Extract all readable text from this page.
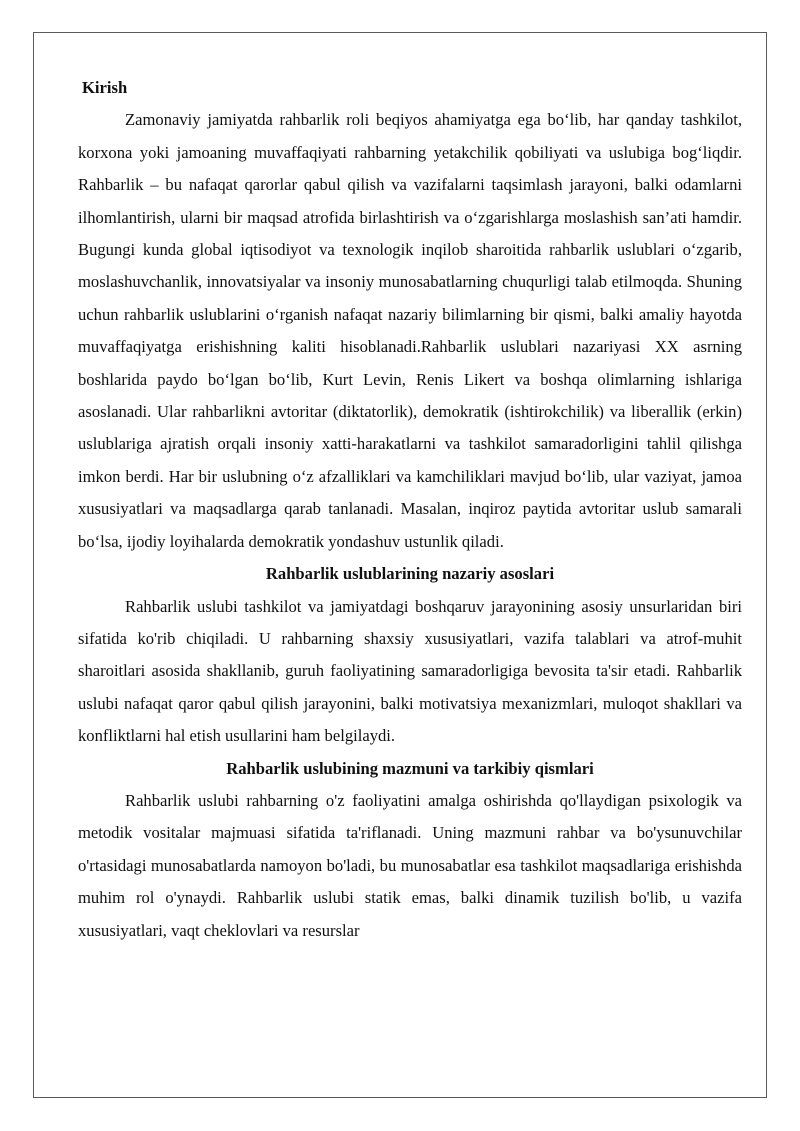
Kirish

Zamonaviy jamiyatda rahbarlik roli beqiyos ahamiyatga ega bo‘lib, har qanday tashkilot, korxona yoki jamoaning muvaffaqiyati rahbarning yetakchilik qobiliyati va uslubiga bog‘liqdir. Rahbarlik – bu nafaqat qarorlar qabul qilish va vazifalarni taqsimlash jarayoni, balki odamlarni ilhomlantirish, ularni bir maqsad atrofida birlashtirish va o‘zgarishlarga moslashish san’ati hamdir. Bugungi kunda global iqtisodiyot va texnologik inqilob sharoitida rahbarlik uslublari o‘zgarib, moslashuvchanlik, innovatsiyalar va insoniy munosabatlarning chuqurligi talab etilmoqda. Shuning uchun rahbarlik uslublarini o‘rganish nafaqat nazariy bilimlarning bir qismi, balki amaliy hayotda muvaffaqiyatga erishishning kaliti hisoblanadi.Rahbarlik uslublari nazariyasi XX asrning boshlarida paydo bo‘lgan bo‘lib, Kurt Levin, Renis Likert va boshqa olimlarning ishlariga asoslanadi. Ular rahbarlikni avtoritar (diktatorlik), demokratik (ishtirokchilik) va liberallik (erkin) uslublariga ajratish orqali insoniy xatti-harakatlarni va tashkilot samaradorligini tahlil qilishga imkon berdi. Har bir uslubning o‘z afzalliklari va kamchiliklari mavjud bo‘lib, ular vaziyat, jamoa xususiyatlari va maqsadlarga qarab tanlanadi. Masalan, inqiroz paytida avtoritar uslub samarali bo‘lsa, ijodiy loyihalarda demokratik yondashuv ustunlik qiladi.

Rahbarlik uslublarining nazariy asoslari

Rahbarlik uslubi tashkilot va jamiyatdagi boshqaruv jarayonining asosiy unsurlaridan biri sifatida ko'rib chiqiladi. U rahbarning shaxsiy xususiyatlari, vazifa talablari va atrof-muhit sharoitlari asosida shakllanib, guruh faoliyatining samaradorligiga bevosita ta'sir etadi. Rahbarlik uslubi nafaqat qaror qabul qilish jarayonini, balki motivatsiya mexanizmlari, muloqot shakllari va konfliktlarni hal etish usullarini ham belgilaydi.

Rahbarlik uslubining mazmuni va tarkibiy qismlari

Rahbarlik uslubi rahbarning o'z faoliyatini amalga oshirishda qo'llaydigan psixologik va metodik vositalar majmuasi sifatida ta'riflanadi. Uning mazmuni rahbar va bo'ysunuvchilar o'rtasidagi munosabatlarda namoyon bo'ladi, bu munosabatlar esa tashkilot maqsadlariga erishishda muhim rol o'ynaydi. Rahbarlik uslubi statik emas, balki dinamik tuzilish bo'lib, u vazifa xususiyatlari, vaqt cheklovlari va resurslar
